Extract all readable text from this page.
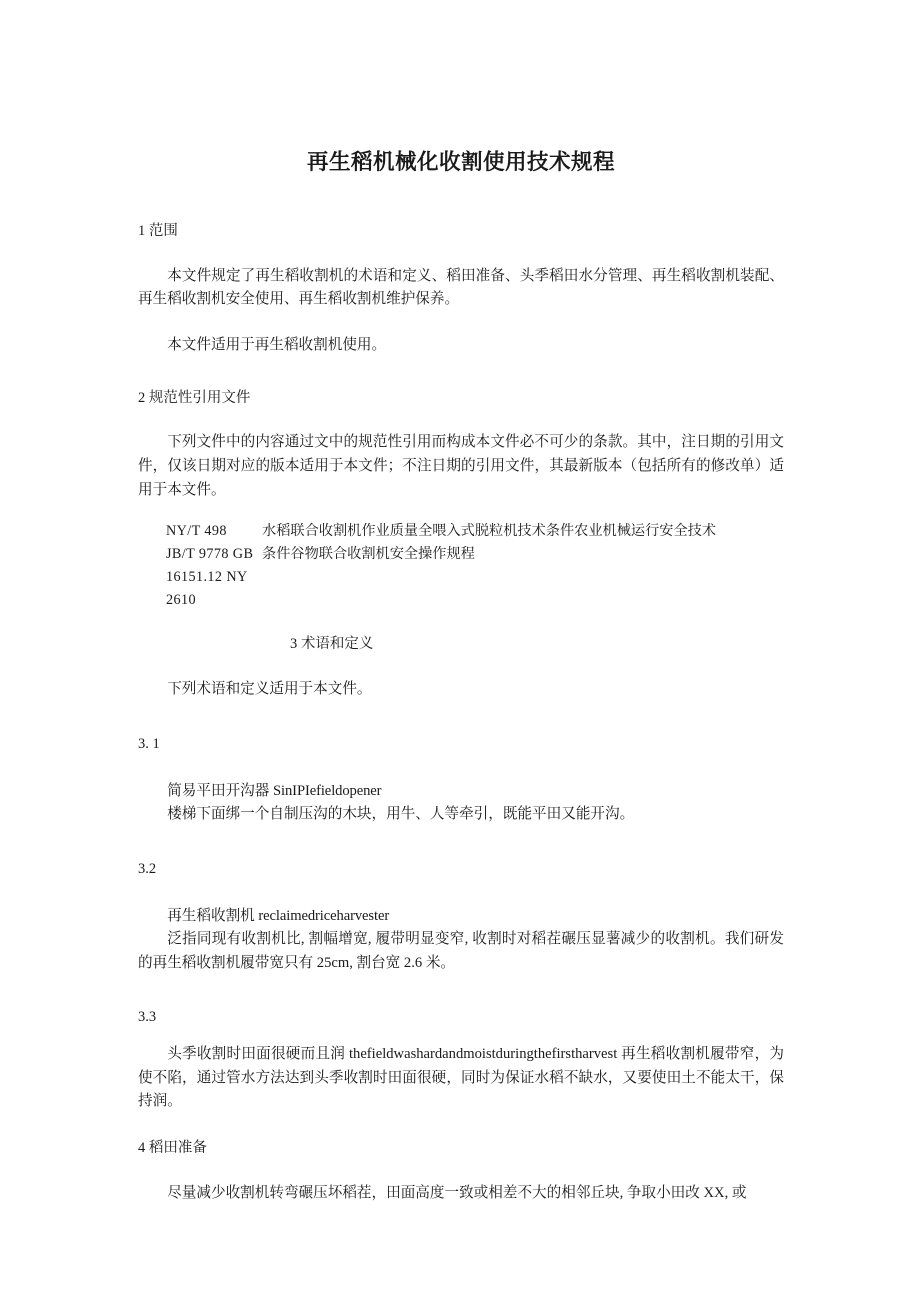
再生稻机械化收割使用技术规程
1 范围

本文件规定了再生稻收割机的术语和定义、稻田准备、头季稻田水分管理、再生稻收割机装配、再生稻收割机安全使用、再生稻收割机维护保养。

本文件适用于再生稻收割机使用。

2 规范性引用文件

下列文件中的内容通过文中的规范性引用而构成本文件必不可少的条款。其中，注日期的引用文件，仅该日期对应的版本适用于本文件；不注日期的引用文件，其最新版本（包括所有的修改单）适用于本文件。

NY/T 498
JB/T 9778 GB
16151.12 NY
2610
水稻联合收割机作业质量全喂入式脱粒机技术条件农业机械运行安全技术
条件谷物联合收割机安全操作规程
3 术语和定义

下列术语和定义适用于本文件。

3. 1
简易平田开沟器 SinIPIefieldopener
楼梯下面绑一个自制压沟的木块，用牛、人等牵引，既能平田又能开沟。
3.2
再生稻收割机 reclaimedriceharvester

泛指同现有收割机比, 割幅增宽, 履带明显变窄, 收割时对稻茬碾压显薯减少的收割机。我们研发的再生稻收割机履带宽只有 25cm, 割台宽 2.6 米。

3.3

头季收割时田面很硬而且润 thefieldwashardandmoistduringthefirstharvest 再生稻收割机履带窄，为使不陷，通过管水方法达到头季收割时田面很硬，同时为保证水稻不缺水，又要使田土不能太干，保持润。

4 稻田准备

尽量减少收割机转弯碾压坏稻茬，田面高度一致或相差不大的相邻丘块, 争取小田改 XX, 或
